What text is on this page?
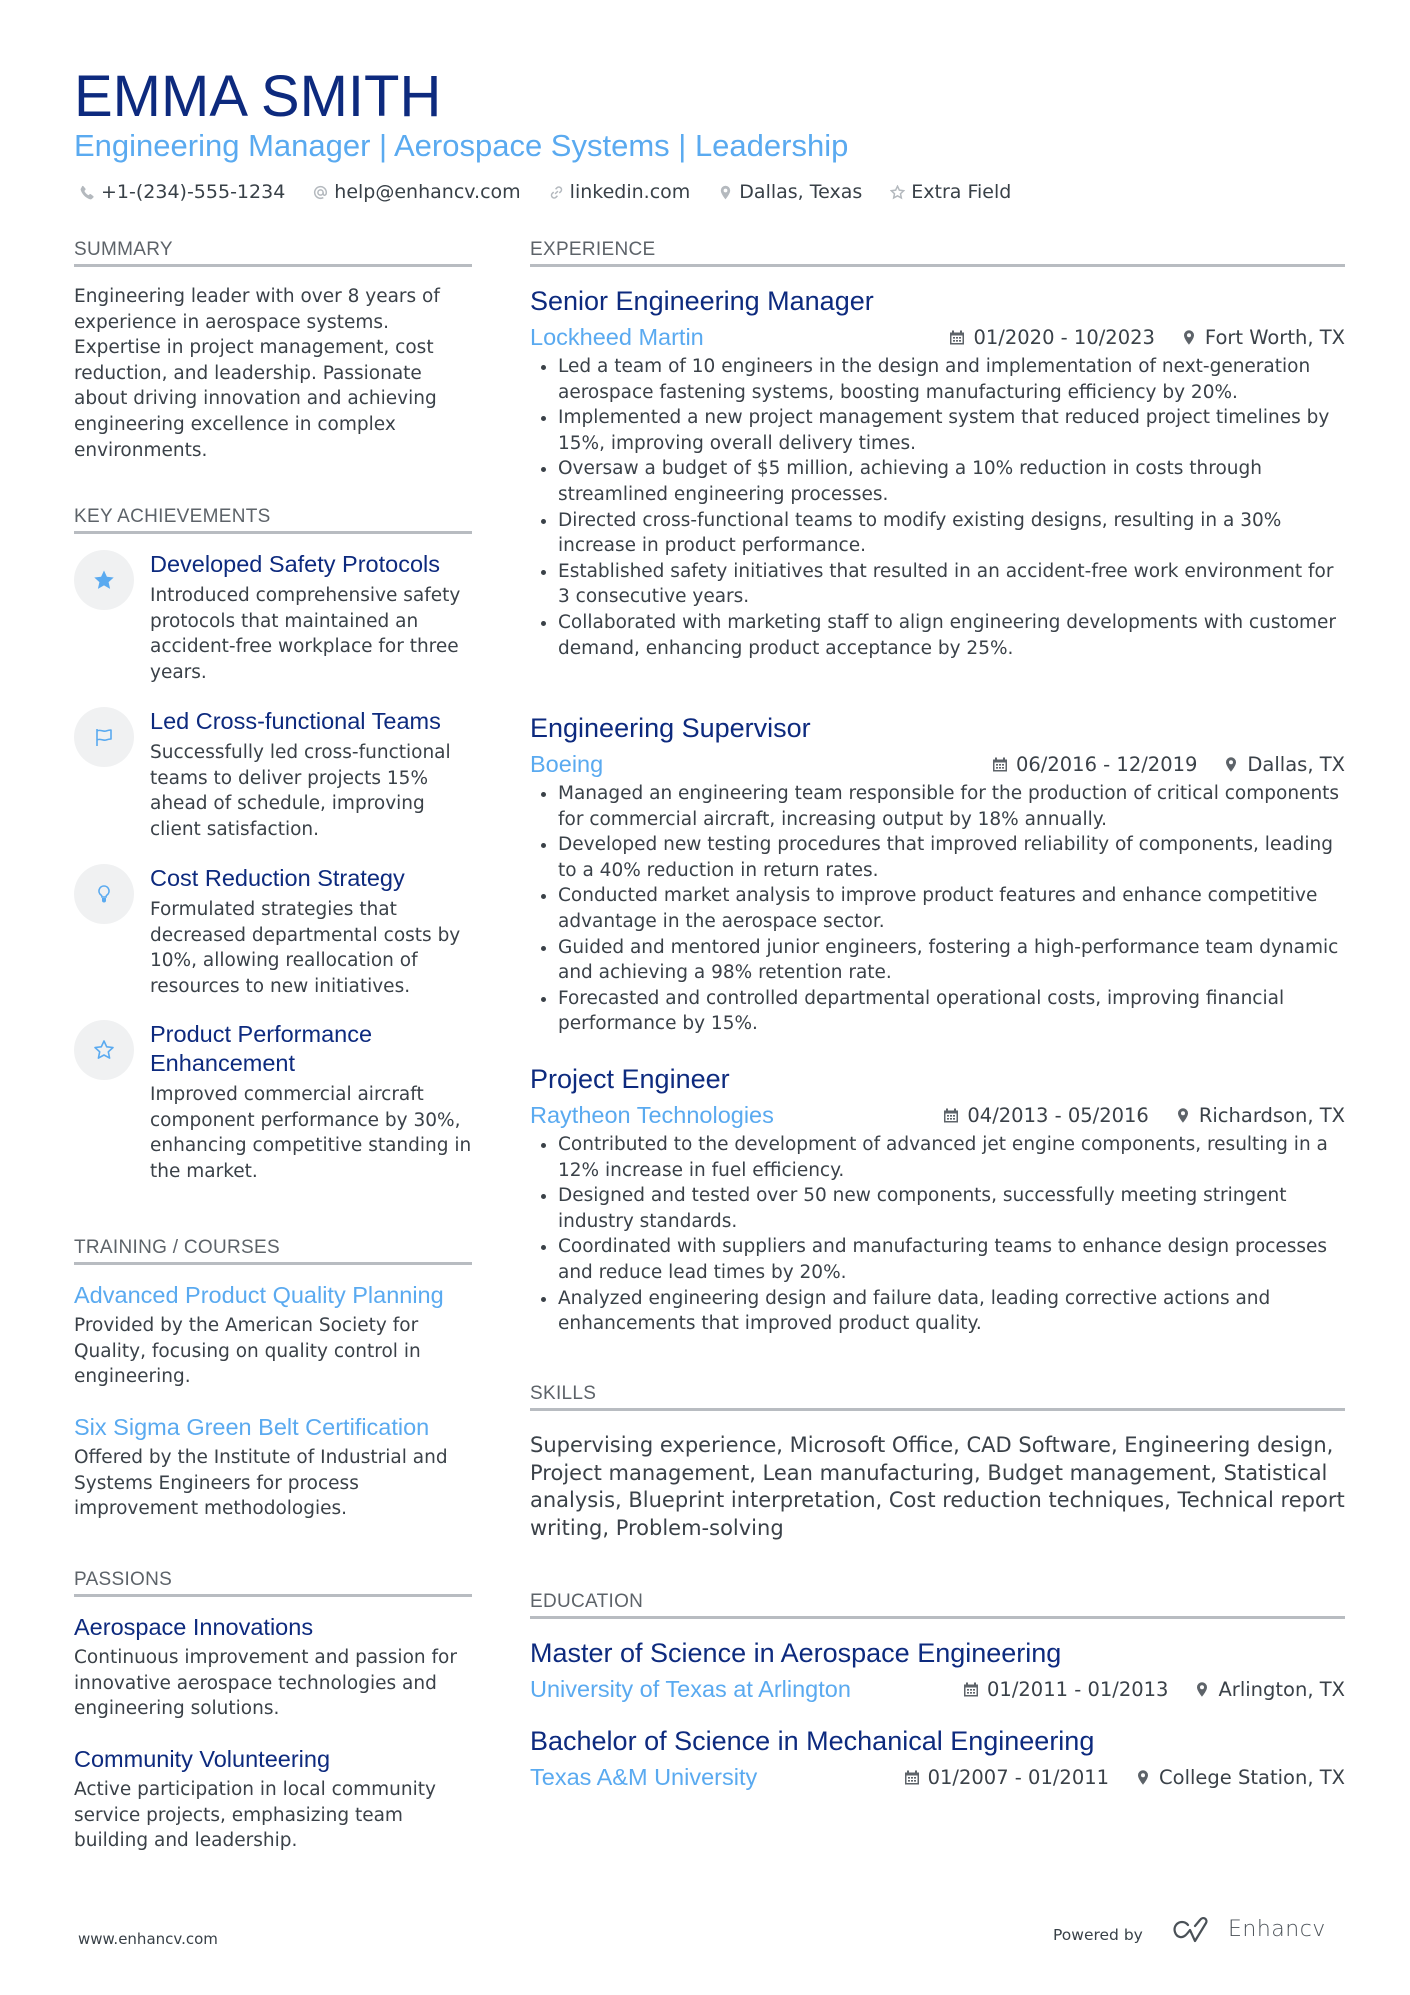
EMMA SMITH
Engineering Manager | Aerospace Systems | Leadership
+1-(234)-555-1234	help@enhancv.com	linkedin.com	Dallas, Texas	Extra Field
SUMMARY
Engineering leader with over 8 years of experience in aerospace systems. Expertise in project management, cost reduction, and leadership. Passionate about driving innovation and achieving engineering excellence in complex environments.
KEY ACHIEVEMENTS
Developed Safety Protocols
Introduced comprehensive safety protocols that maintained an accident-free workplace for three years.
Led Cross-functional Teams
Successfully led cross-functional teams to deliver projects 15% ahead of schedule, improving client satisfaction.
Cost Reduction Strategy
Formulated strategies that decreased departmental costs by 10%, allowing reallocation of resources to new initiatives.
Product Performance Enhancement
Improved commercial aircraft component performance by 30%, enhancing competitive standing in the market.
TRAINING / COURSES
Advanced Product Quality Planning
Provided by the American Society for Quality, focusing on quality control in engineering.
Six Sigma Green Belt Certification
Offered by the Institute of Industrial and Systems Engineers for process improvement methodologies.
PASSIONS
Aerospace Innovations
Continuous improvement and passion for innovative aerospace technologies and engineering solutions.
Community Volunteering
Active participation in local community service projects, emphasizing team building and leadership.
EXPERIENCE
Senior Engineering Manager
Lockheed Martin	01/2020 - 10/2023	Fort Worth, TX
Led a team of 10 engineers in the design and implementation of next-generation aerospace fastening systems, boosting manufacturing efficiency by 20%.
Implemented a new project management system that reduced project timelines by 15%, improving overall delivery times.
Oversaw a budget of $5 million, achieving a 10% reduction in costs through streamlined engineering processes.
Directed cross-functional teams to modify existing designs, resulting in a 30% increase in product performance.
Established safety initiatives that resulted in an accident-free work environment for 3 consecutive years.
Collaborated with marketing staff to align engineering developments with customer demand, enhancing product acceptance by 25%.
Engineering Supervisor
Boeing	06/2016 - 12/2019	Dallas, TX
Managed an engineering team responsible for the production of critical components for commercial aircraft, increasing output by 18% annually.
Developed new testing procedures that improved reliability of components, leading to a 40% reduction in return rates.
Conducted market analysis to improve product features and enhance competitive advantage in the aerospace sector.
Guided and mentored junior engineers, fostering a high-performance team dynamic and achieving a 98% retention rate.
Forecasted and controlled departmental operational costs, improving financial performance by 15%.
Project Engineer
Raytheon Technologies	04/2013 - 05/2016	Richardson, TX
Contributed to the development of advanced jet engine components, resulting in a 12% increase in fuel efficiency.
Designed and tested over 50 new components, successfully meeting stringent industry standards.
Coordinated with suppliers and manufacturing teams to enhance design processes and reduce lead times by 20%.
Analyzed engineering design and failure data, leading corrective actions and enhancements that improved product quality.
SKILLS
Supervising experience, Microsoft Office, CAD Software, Engineering design, Project management, Lean manufacturing, Budget management, Statistical analysis, Blueprint interpretation, Cost reduction techniques, Technical report writing, Problem-solving
EDUCATION
Master of Science in Aerospace Engineering
University of Texas at Arlington	01/2011 - 01/2013	Arlington, TX
Bachelor of Science in Mechanical Engineering
Texas A&M University	01/2007 - 01/2011	College Station, TX
www.enhancv.com	Powered by	Enhancv
